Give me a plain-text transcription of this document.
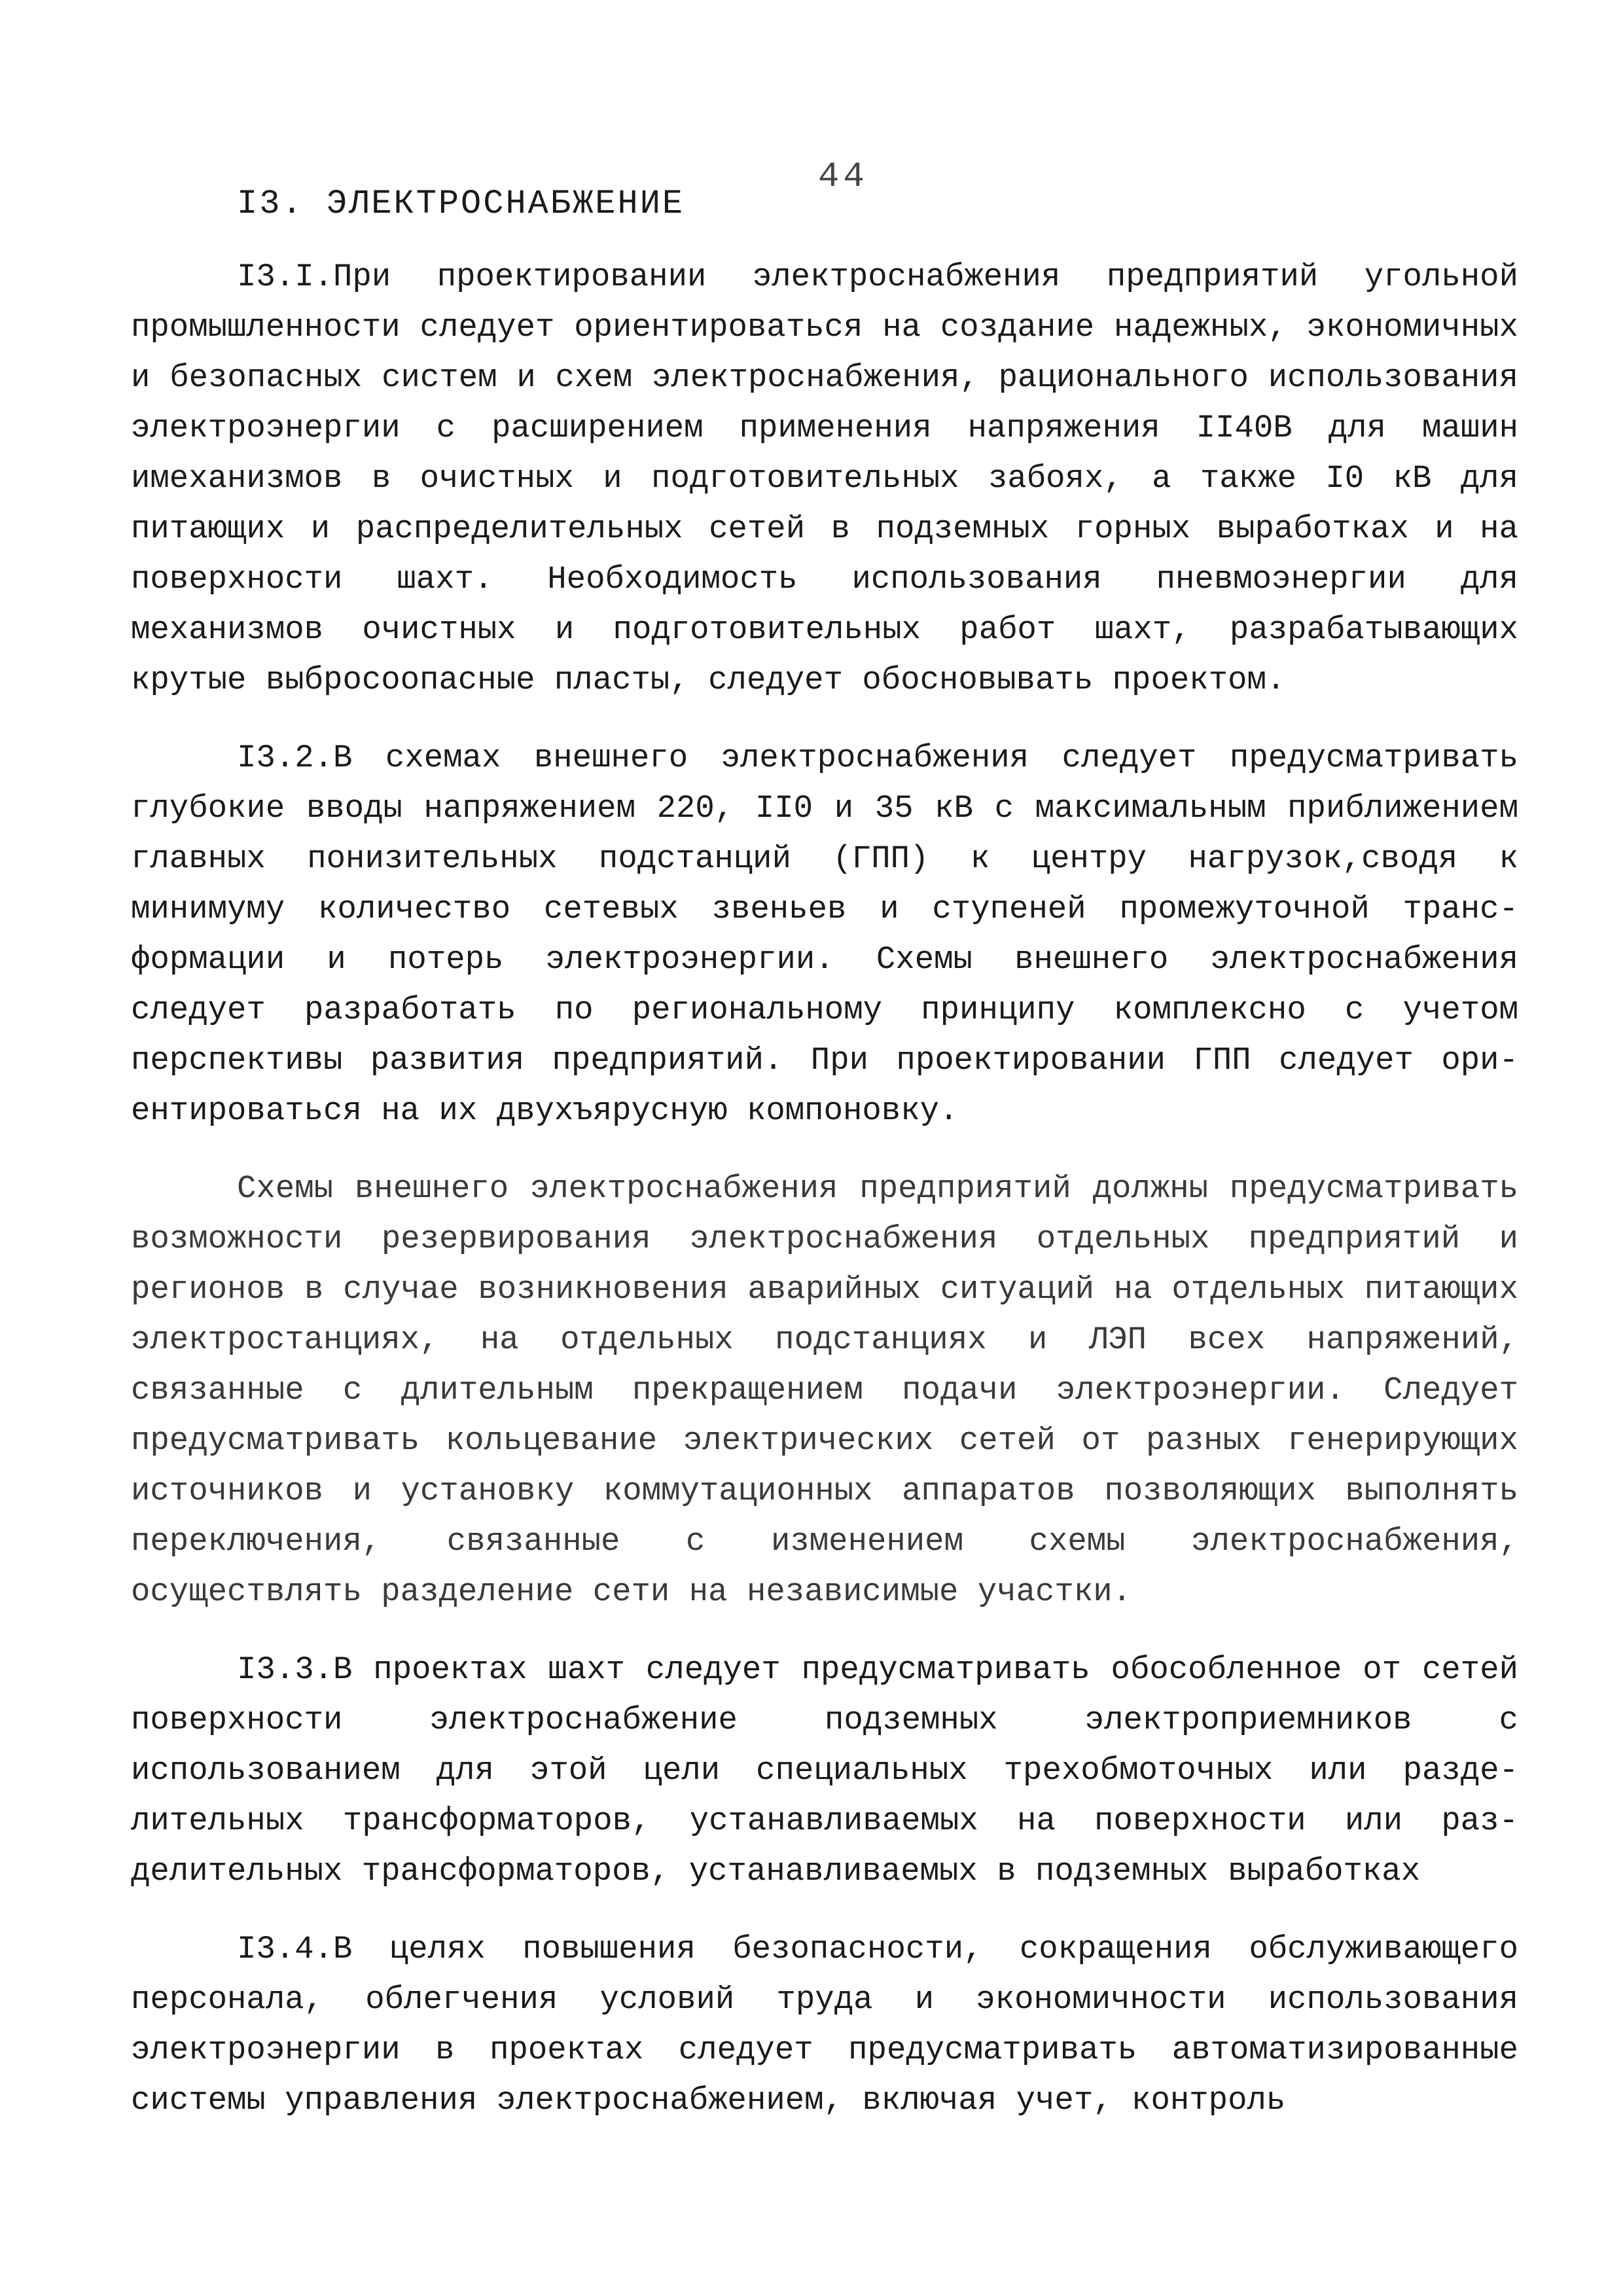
44
I3. ЭЛЕКТРОСНАБЖЕНИЕ

I3.I.При проектировании электроснабжения предприятий угольной промышленности следует ориентироваться на создание надежных, экономичных и безопасных систем и схем электроснабжения, рационального использования электроэнергии с расширением применения напряжения II40В для машин имеханизмов в очистных и подготовительных забоях, а также I0 кВ для питающих и распределительных сетей в подземных горных выработках и на поверхности шахт. Необходимость использования пневмоэнергии для механизмов очистных и подготовительных работ шахт, разрабатывающих крутые выбросоопасные пласты, следует обосновывать проектом.

I3.2.В схемах внешнего электроснабжения следует предусматривать глубокие вводы напряжением 220, II0 и 35 кВ с максимальным приближением главных понизительных подстанций (ГПП) к центру нагрузок,сводя к минимуму количество сетевых звеньев и ступеней промежуточной трансформации и потерь электроэнергии. Схемы внешнего электроснабжения следует разработать по региональному принципу комплексно с учетом перспективы развития предприятий. При проектировании ГПП следует ориентироваться на их двухъярусную компоновку.

Схемы внешнего электроснабжения предприятий должны предусматривать возможности резервирования электроснабжения отдельных предприятий и регионов в случае возникновения аварийных ситуаций на отдельных питающих электростанциях, на отдельных подстанциях и ЛЭП всех напряжений, связанные с длительным прекращением подачи электроэнергии. Следует предусматривать кольцевание электрических сетей от разных генерирующих источников и установку коммутационных аппаратов позволяющих выполнять переключения, связанные с изменением схемы электроснабжения, осуществлять разделение сети на независимые участки.

I3.3.В проектах шахт следует предусматривать обособленное от сетей поверхности электроснабжение подземных электроприемников с использованием для этой цели специальных трехобмоточных или разделительных трансформаторов, устанавливаемых на поверхности или разделительных трансформаторов, устанавливаемых в подземных выработках

I3.4.В целях повышения безопасности, сокращения обслуживающего персонала, облегчения условий труда и экономичности использования электроэнергии в проектах следует предусматривать автоматизированные системы управления электроснабжением, включая учет, контроль
